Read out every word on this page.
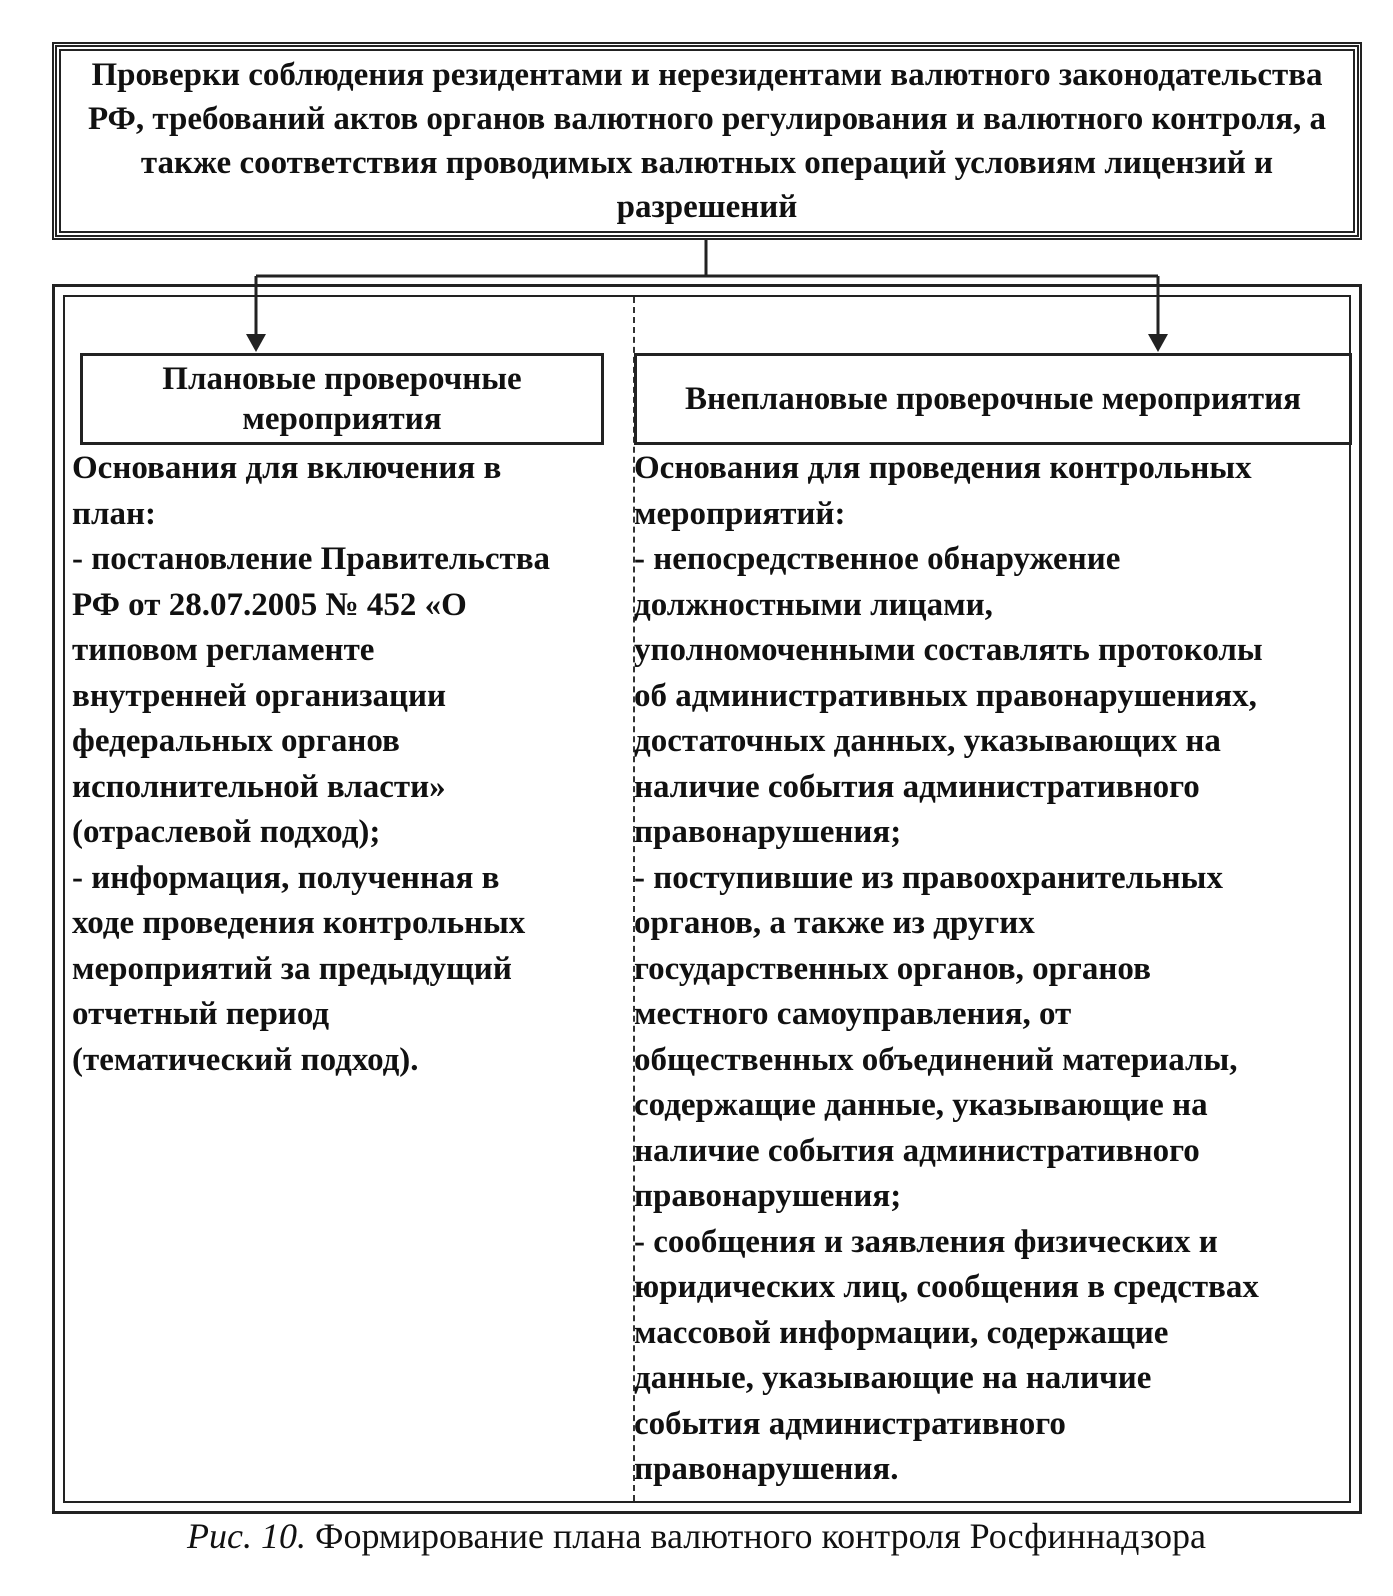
Проверки соблюдения резидентами и нерезидентами валютного законодательства РФ, требований актов органов валютного регулирования и валютного контроля, а также соответствия проводимых валютных операций условиям лицензий и разрешений
Плановые проверочные мероприятия
Внеплановые проверочные мероприятия
Основания для включения в
план:
- постановление Правительства
РФ от 28.07.2005 № 452 «О
типовом регламенте
внутренней организации
федеральных органов
исполнительной власти»
(отраслевой подход);
- информация, полученная в
ходе проведения контрольных
мероприятий за предыдущий
отчетный период
(тематический подход).
Основания для проведения контрольных
мероприятий:
- непосредственное обнаружение
должностными лицами,
уполномоченными составлять протоколы
об административных правонарушениях,
достаточных данных, указывающих на
наличие события административного
правонарушения;
- поступившие из правоохранительных
органов, а также из других
государственных органов, органов
местного самоуправления, от
общественных объединений материалы,
содержащие данные, указывающие на
наличие события административного
правонарушения;
- сообщения и заявления физических и
юридических лиц, сообщения в средствах
массовой информации, содержащие
данные, указывающие на наличие
события административного
правонарушения.
Рис. 10. Формирование плана валютного контроля Росфиннадзора
